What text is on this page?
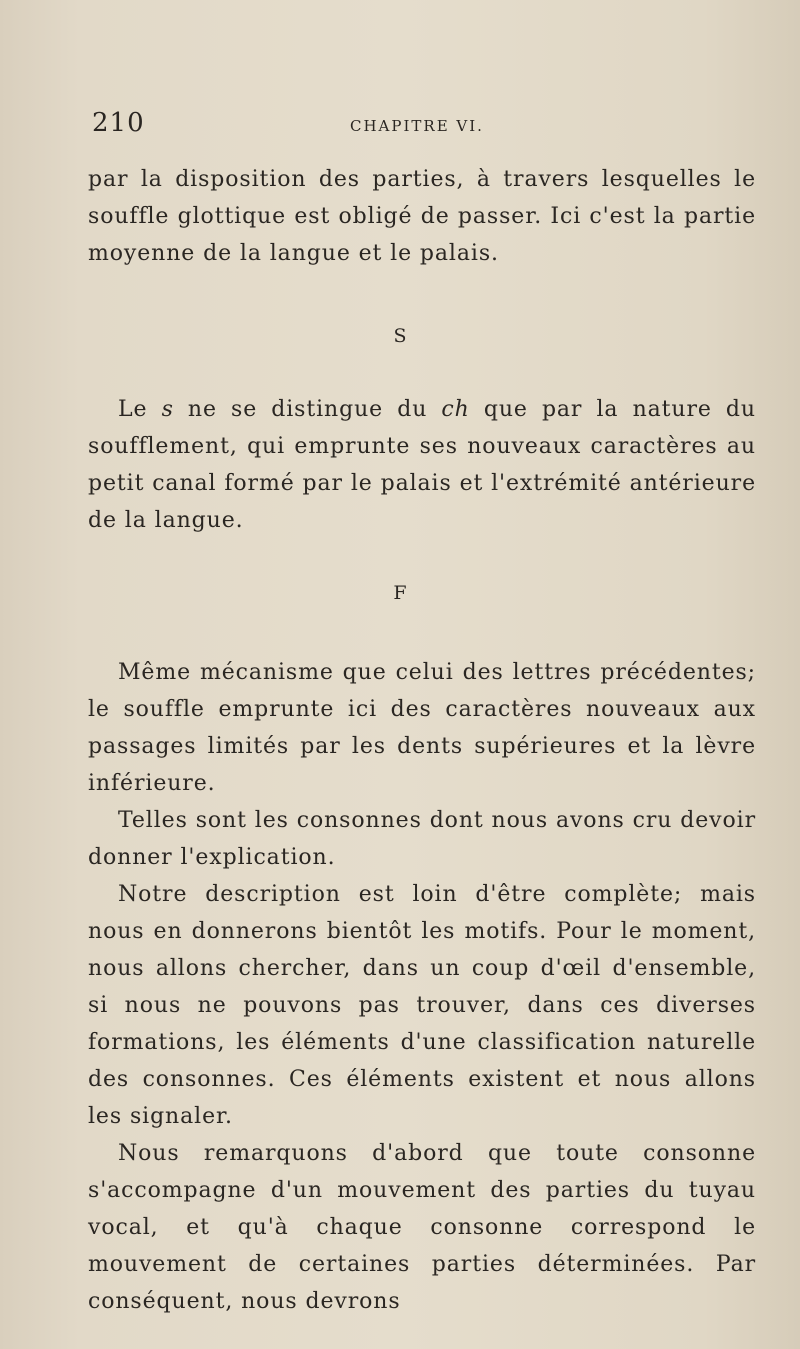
210	CHAPITRE VI.

par la disposition des parties, à travers lesquelles le souffle glottique est obligé de passer. Ici c'est la partie moyenne de la langue et le palais.

S

Le s ne se distingue du ch que par la nature du soufflement, qui emprunte ses nouveaux caractères au petit canal formé par le palais et l'extrémité antérieure de la langue.

F

Même mécanisme que celui des lettres précédentes; le souffle emprunte ici des caractères nouveaux aux passages limités par les dents supérieures et la lèvre inférieure.

Telles sont les consonnes dont nous avons cru devoir donner l'explication.

Notre description est loin d'être complète; mais nous en donnerons bientôt les motifs. Pour le moment, nous allons chercher, dans un coup d'œil d'ensemble, si nous ne pouvons pas trouver, dans ces diverses formations, les éléments d'une classification naturelle des consonnes. Ces éléments existent et nous allons les signaler.

Nous remarquons d'abord que toute consonne s'accompagne d'un mouvement des parties du tuyau vocal, et qu'à chaque consonne correspond le mouvement de certaines parties déterminées. Par conséquent, nous devrons
